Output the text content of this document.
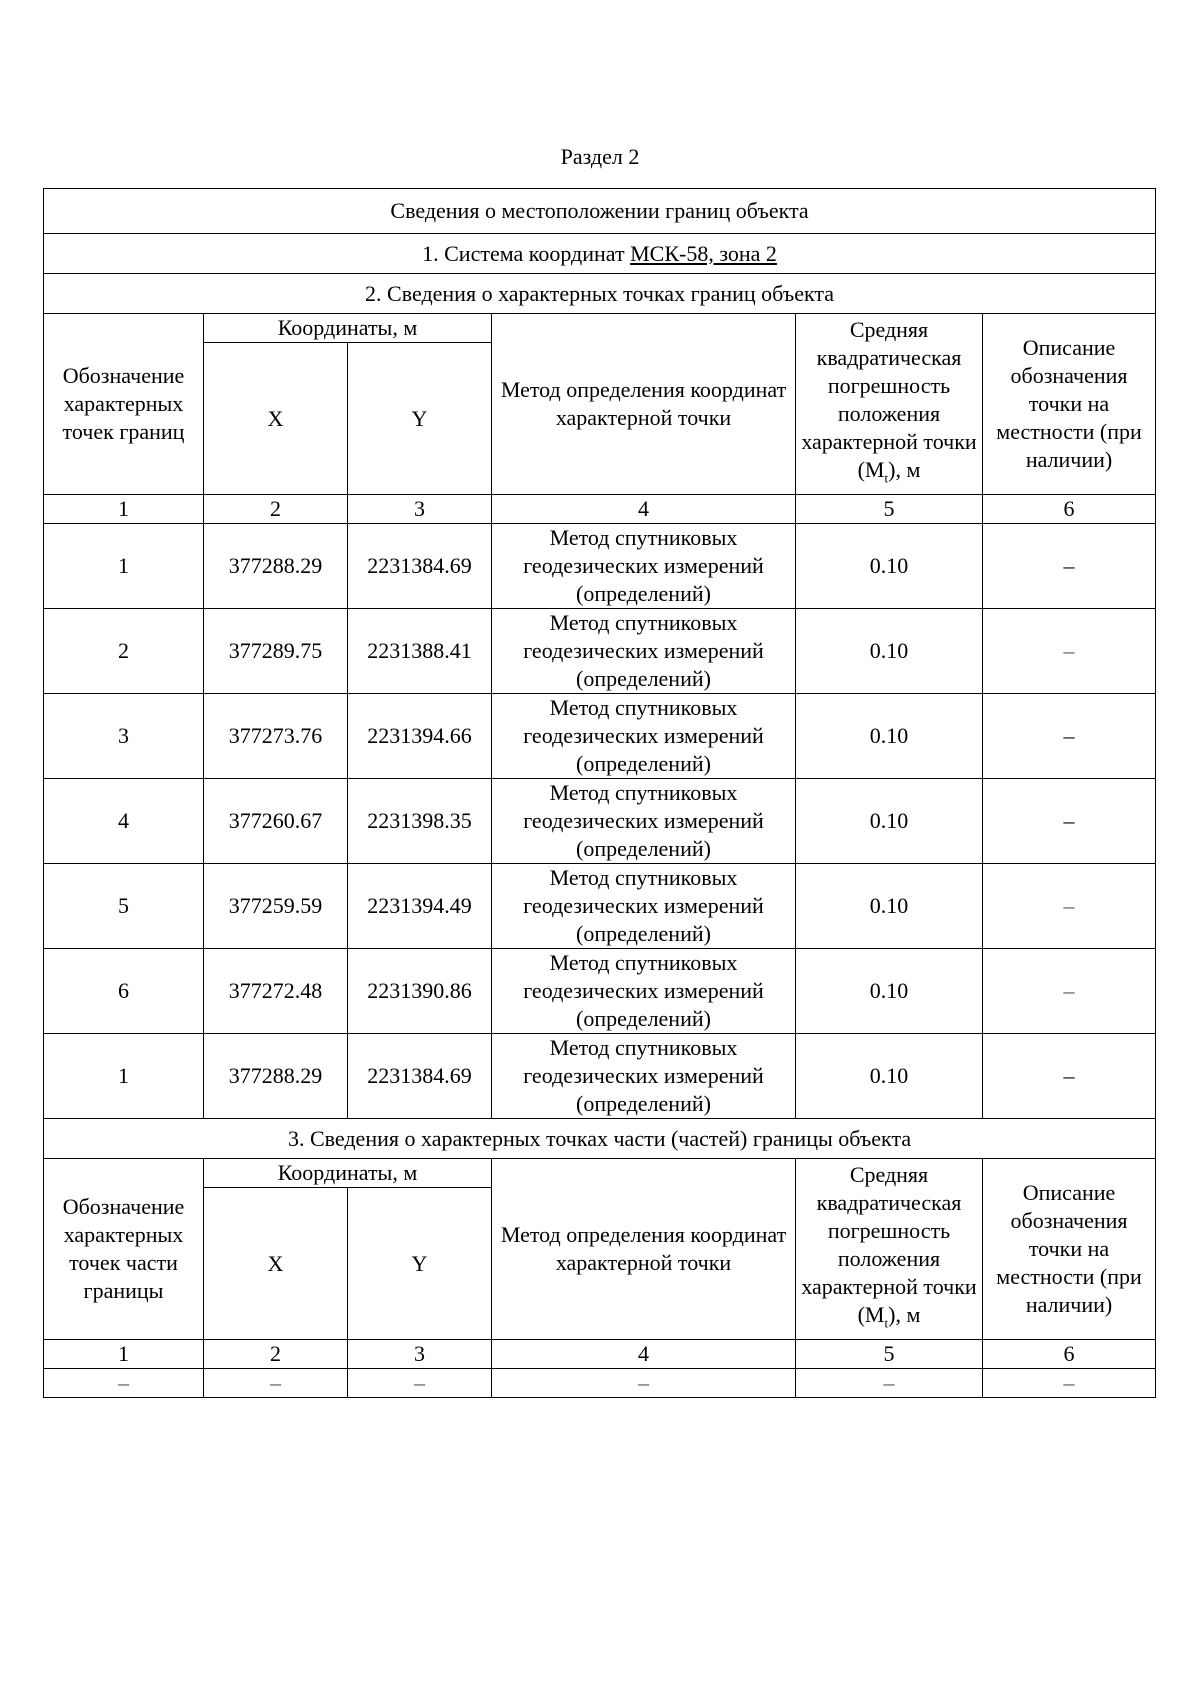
Раздел 2
Сведения о местоположении границ объекта					
1. Система координат МСК-58, зона 2					
2. Сведения о характерных точках границ объекта					
Обозначение характерных точек границ	Координаты, м		Метод определения координат характерной точки	Средняя квадратическая погрешность положения характерной точки $(M_t)$, м	Описание обозначения точки на местности (при наличии)
	X	Y			
1	2	3	4	5	6
1	377288.29	2231384.69	Метод спутниковых геодезических измерений (определений)	0.10	–
2	377289.75	2231388.41	Метод спутниковых геодезических измерений (определений)	0.10	–
3	377273.76	2231394.66	Метод спутниковых геодезических измерений (определений)	0.10	–
4	377260.67	2231398.35	Метод спутниковых геодезических измерений (определений)	0.10	–
5	377259.59	2231394.49	Метод спутниковых геодезических измерений (определений)	0.10	–
6	377272.48	2231390.86	Метод спутниковых геодезических измерений (определений)	0.10	–
1	377288.29	2231384.69	Метод спутниковых геодезических измерений (определений)	0.10	–
3. Сведения о характерных точках части (частей) границы объекта					
Обозначение характерных точек части границы	Координаты, м		Метод определения координат характерной точки	Средняя квадратическая погрешность положения характерной точки $(M_t)$, м	Описание обозначения точки на местности (при наличии)
	X	Y			
1	2	3	4	5	6
–	–	–	–	–	–
